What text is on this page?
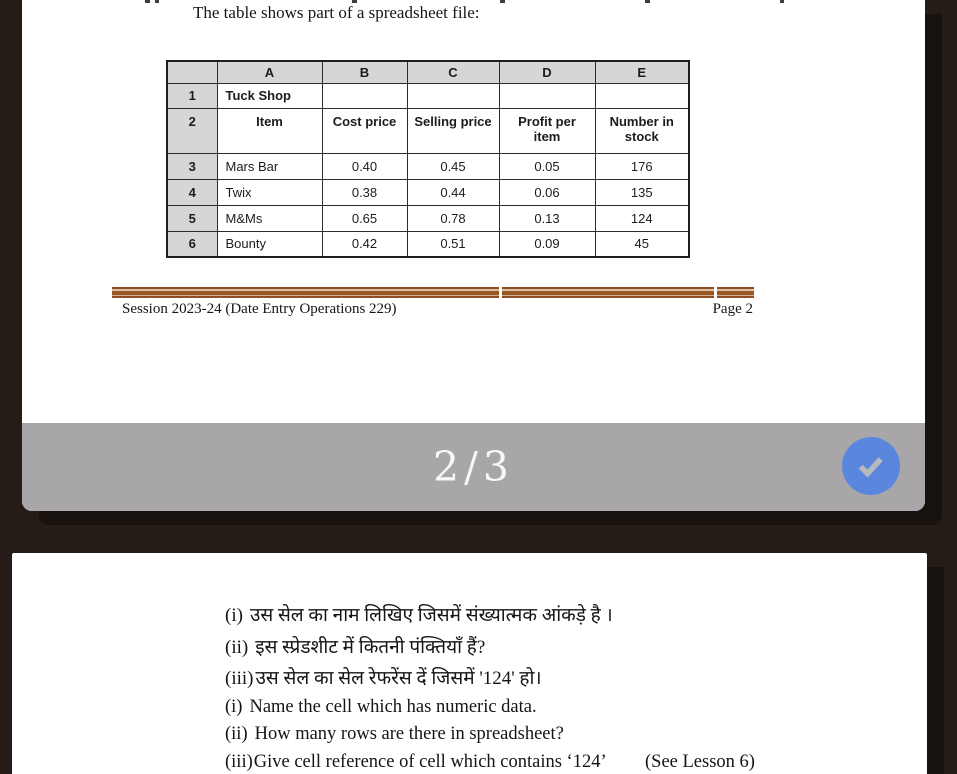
The table shows part of a spreadsheet file:
	A	B	C	D	E
1	Tuck Shop				
2	Item	Cost price	Selling price	Profit per item	Number in stock
3	Mars Bar	0.40	0.45	0.05	176
4	Twix	0.38	0.44	0.06	135
5	M&Ms	0.65	0.78	0.13	124
6	Bounty	0.42	0.51	0.09	45
Session 2023-24 (Date Entry Operations 229)	Page 2
2/3
(i) उस सेल का नाम लिखिए जिसमें संख्यात्मक आंकड़े है ।
(ii) इस स्प्रेडशीट में कितनी पंक्तियाँ हैं?
(iii) उस सेल का सेल रेफरेंस दें जिसमें '124' हो।
(i) Name the cell which has numeric data.
(ii) How many rows are there in spreadsheet?
(iii)Give cell reference of cell which contains ‘124’ (See Lesson 6)
